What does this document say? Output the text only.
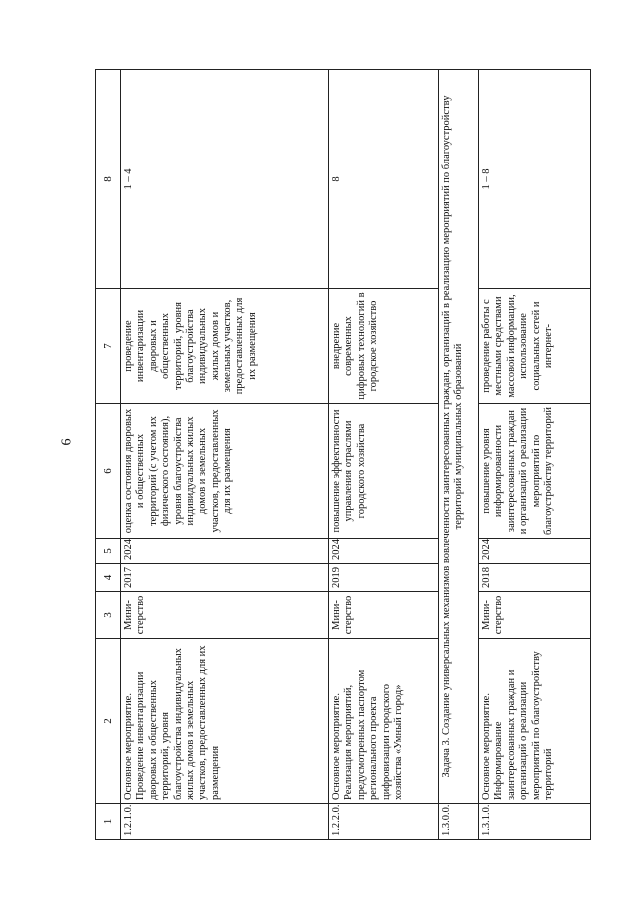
6
1	2	3	4	5	6	7	8
1.2.1.0.	Основное мероприятие. Проведение инвентаризации дворовых и общественных территорий, уровня благоустройства индивидуальных жилых домов и земельных участков, предоставленных для их размещения	Мини-стерство	2017	2024	оценка состояния дворовых и общественных территорий (с учетом их физического состояния), уровня благоустройства индивидуальных жилых домов и земельных участков, предоставленных для их размещения	проведение инвентаризации дворовых и общественных территорий, уровня благоустройства индивидуальных жилых домов и земельных участков, предоставленных для их размещения	1 – 4
1.2.2.0.	Основное мероприятие. Реализация мероприятий, предусмотренных паспортом регионального проекта цифровизации городского хозяйства «Умный город»	Мини-стерство	2019	2024	повышение эффективности управления отраслями городского хозяйства	внедрение современных цифровых технологий в городское хозяйство	8
1.3.0.0.	Задача 3. Создание универсальных механизмов вовлеченности заинтересованных граждан, организаций в реализацию мероприятий по благоустройству территорий муниципальных образований						
1.3.1.0.	Основное мероприятие. Информирование заинтересованных граждан и организаций о реализации мероприятий по благоустройству территорий	Мини-стерство	2018	2024	повышение уровня информированности заинтересованных граждан и организаций о реализации мероприятий по благоустройству территорий	проведение работы с местными средствами массовой информации, использование социальных сетей и интернет-	1 – 8
